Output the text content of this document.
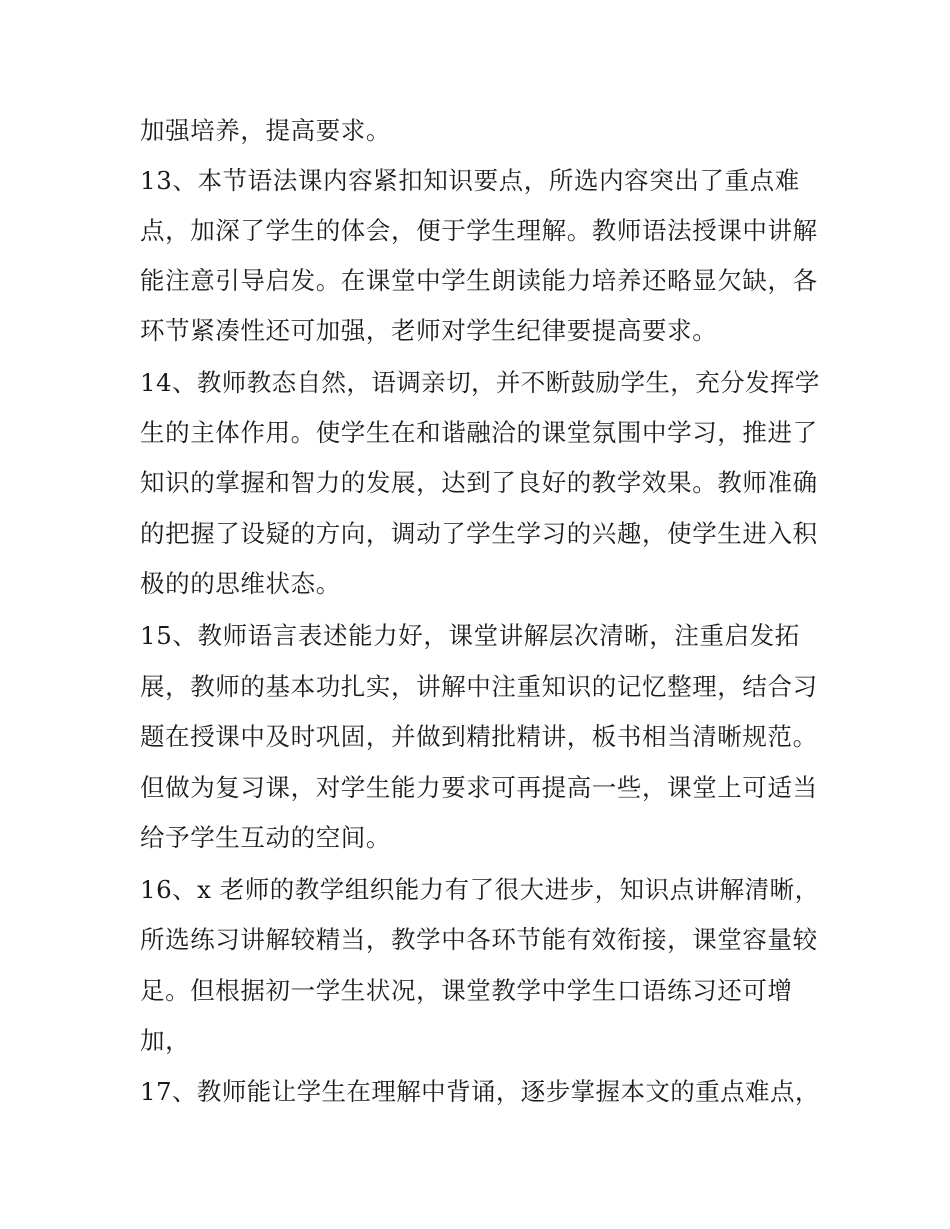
加强培养，提高要求。
13、本节语法课内容紧扣知识要点，所选内容突出了重点难
点，加深了学生的体会，便于学生理解。教师语法授课中讲解
能注意引导启发。在课堂中学生朗读能力培养还略显欠缺，各
环节紧凑性还可加强，老师对学生纪律要提高要求。
14、教师教态自然，语调亲切，并不断鼓励学生，充分发挥学
生的主体作用。使学生在和谐融洽的课堂氛围中学习，推进了
知识的掌握和智力的发展，达到了良好的教学效果。教师准确
的把握了设疑的方向，调动了学生学习的兴趣，使学生进入积
极的的思维状态。
15、教师语言表述能力好，课堂讲解层次清晰，注重启发拓
展，教师的基本功扎实，讲解中注重知识的记忆整理，结合习
题在授课中及时巩固，并做到精批精讲，板书相当清晰规范。
但做为复习课，对学生能力要求可再提高一些，课堂上可适当
给予学生互动的空间。
16、x 老师的教学组织能力有了很大进步，知识点讲解清晰，
所选练习讲解较精当，教学中各环节能有效衔接，课堂容量较
足。但根据初一学生状况，课堂教学中学生口语练习还可增
加，
17、教师能让学生在理解中背诵，逐步掌握本文的重点难点，
